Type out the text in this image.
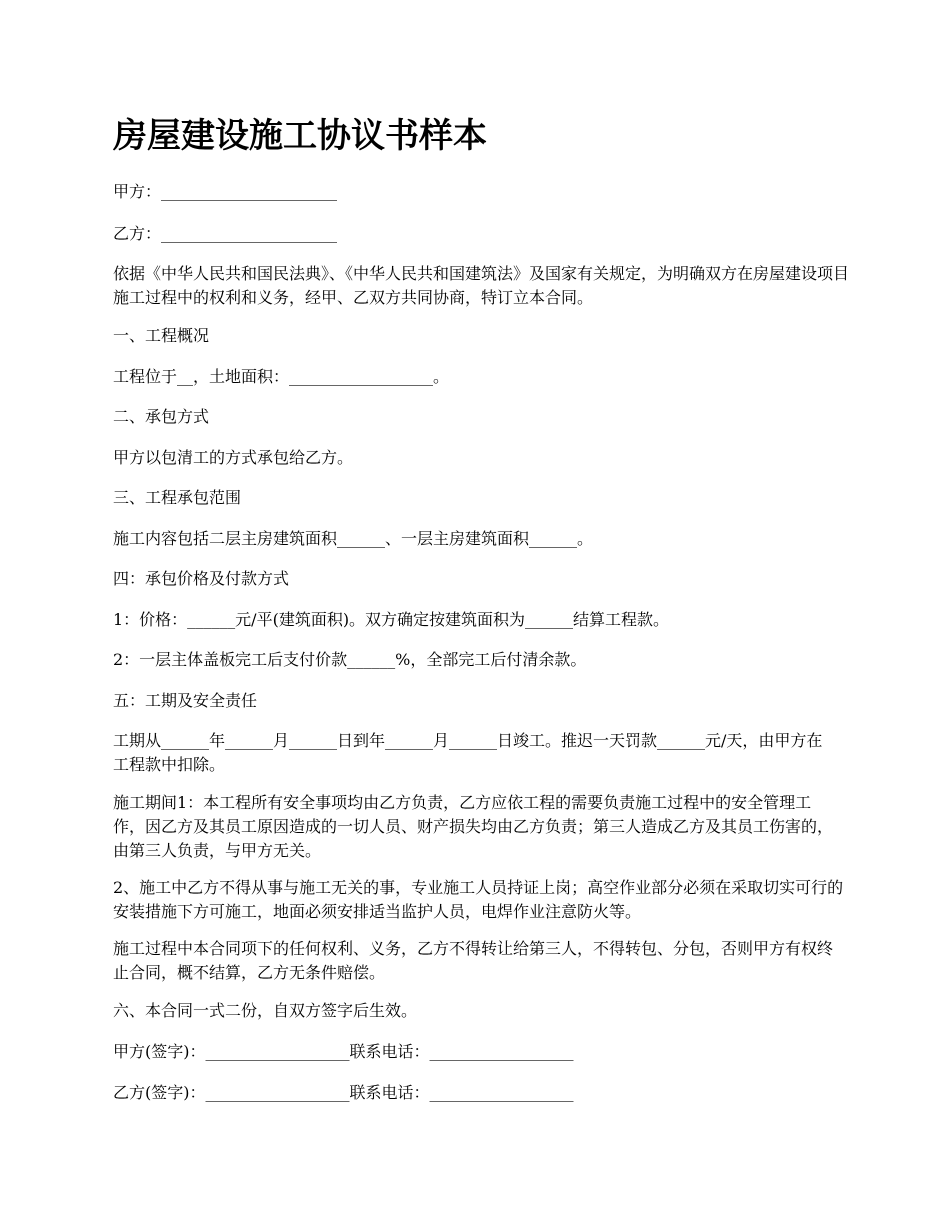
房屋建设施工协议书样本

甲方：______________________

乙方：______________________

依据《中华人民共和国民法典》、《中华人民共和国建筑法》及国家有关规定，为明确双方在房屋建设项目施工过程中的权利和义务，经甲、乙双方共同协商，特订立本合同。

一、工程概况

工程位于__，土地面积：__________________。

二、承包方式

甲方以包清工的方式承包给乙方。

三、工程承包范围

施工内容包括二层主房建筑面积______、一层主房建筑面积______。

四：承包价格及付款方式

1：价格：______元/平(建筑面积)。双方确定按建筑面积为______结算工程款。

2：一层主体盖板完工后支付价款______%，全部完工后付清余款。

五：工期及安全责任

工期从______年______月______日到年______月______日竣工。推迟一天罚款______元/天，由甲方在工程款中扣除。

施工期间1：本工程所有安全事项均由乙方负责，乙方应依工程的需要负责施工过程中的安全管理工作，因乙方及其员工原因造成的一切人员、财产损失均由乙方负责；第三人造成乙方及其员工伤害的，由第三人负责，与甲方无关。

2、施工中乙方不得从事与施工无关的事，专业施工人员持证上岗；高空作业部分必须在采取切实可行的安装措施下方可施工，地面必须安排适当监护人员，电焊作业注意防火等。

施工过程中本合同项下的任何权利、义务，乙方不得转让给第三人，不得转包、分包，否则甲方有权终止合同，概不结算，乙方无条件赔偿。

六、本合同一式二份，自双方签字后生效。

甲方(签字)：__________________联系电话：__________________

乙方(签字)：__________________联系电话：__________________
